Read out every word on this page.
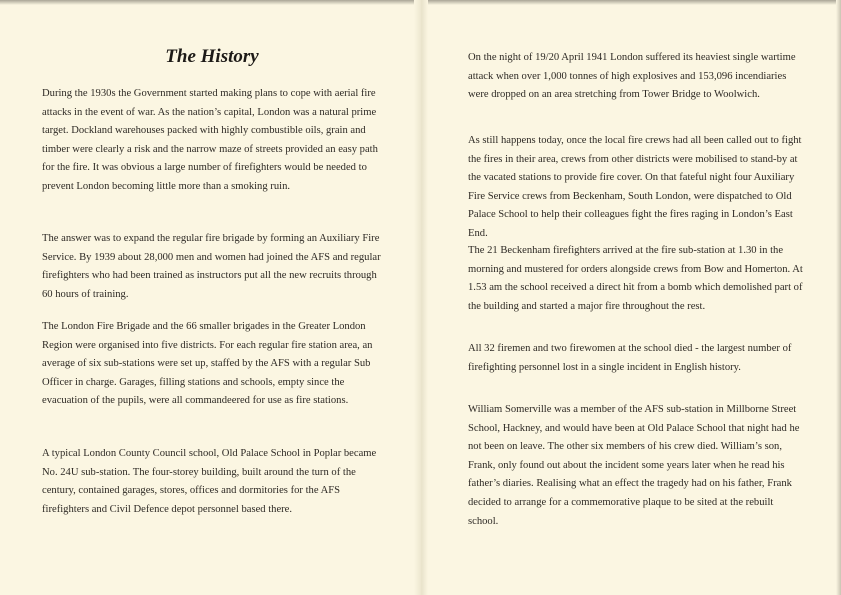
The History

During the 1930s the Government started making plans to cope with aerial fire attacks in the event of war. As the nation’s capital, London was a natural prime target. Dockland warehouses packed with highly combustible oils, grain and timber were clearly a risk and the narrow maze of streets provided an easy path for the fire. It was obvious a large number of firefighters would be needed to prevent London becoming little more than a smoking ruin.

The answer was to expand the regular fire brigade by forming an Auxiliary Fire Service. By 1939 about 28,000 men and women had joined the AFS and regular firefighters who had been trained as instructors put all the new recruits through 60 hours of training.

The London Fire Brigade and the 66 smaller brigades in the Greater London Region were organised into five districts. For each regular fire station area, an average of six sub-stations were set up, staffed by the AFS with a regular Sub Officer in charge. Garages, filling stations and schools, empty since the evacuation of the pupils, were all commandeered for use as fire stations.

A typical London County Council school, Old Palace School in Poplar became No. 24U sub-station. The four-storey building, built around the turn of the century, contained garages, stores, offices and dormitories for the AFS firefighters and Civil Defence depot personnel based there.

On the night of 19/20 April 1941 London suffered its heaviest single wartime attack when over 1,000 tonnes of high explosives and 153,096 incendiaries were dropped on an area stretching from Tower Bridge to Woolwich.

As still happens today, once the local fire crews had all been called out to fight the fires in their area, crews from other districts were mobilised to stand-by at the vacated stations to provide fire cover. On that fateful night four Auxiliary Fire Service crews from Beckenham, South London, were dispatched to Old Palace School to help their colleagues fight the fires raging in London’s East End.

The 21 Beckenham firefighters arrived at the fire sub-station at 1.30 in the morning and mustered for orders alongside crews from Bow and Homerton. At 1.53 am the school received a direct hit from a bomb which demolished part of the building and started a major fire throughout the rest.

All 32 firemen and two firewomen at the school died - the largest number of firefighting personnel lost in a single incident in English history.

William Somerville was a member of the AFS sub-station in Millborne Street School, Hackney, and would have been at Old Palace School that night had he not been on leave. The other six members of his crew died. William’s son, Frank, only found out about the incident some years later when he read his father’s diaries. Realising what an effect the tragedy had on his father, Frank decided to arrange for a commemorative plaque to be sited at the rebuilt school.
